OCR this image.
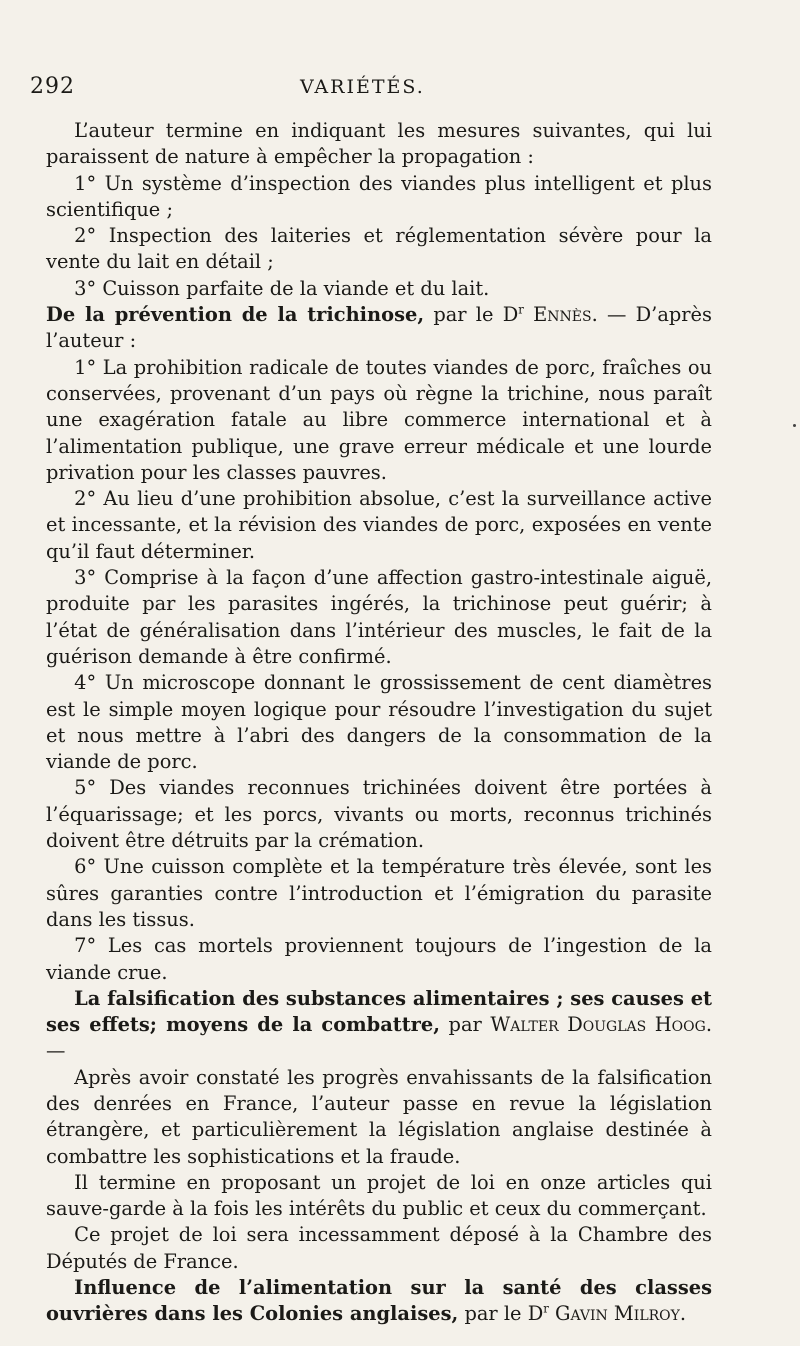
292	VARIÉTÉS.

L’auteur termine en indiquant les mesures suivantes, qui lui paraissent de nature à empêcher la propagation :

1° Un système d’inspection des viandes plus intelligent et plus scientifique ;

2° Inspection des laiteries et réglementation sévère pour la vente du lait en détail ;

3° Cuisson parfaite de la viande et du lait.

De la prévention de la trichinose, par le $D^r$ Ennès. — D’après l’auteur :

1° La prohibition radicale de toutes viandes de porc, fraîches ou conservées, provenant d’un pays où règne la trichine, nous paraît une exagération fatale au libre commerce international et à l’alimentation publique, une grave erreur médicale et une lourde privation pour les classes pauvres.

2° Au lieu d’une prohibition absolue, c’est la surveillance active et incessante, et la révision des viandes de porc, exposées en vente qu’il faut déterminer.

3° Comprise à la façon d’une affection gastro-intestinale aiguë, produite par les parasites ingérés, la trichinose peut guérir; à l’état de généralisation dans l’intérieur des muscles, le fait de la guérison demande à être confirmé.

4° Un microscope donnant le grossissement de cent diamètres est le simple moyen logique pour résoudre l’investigation du sujet et nous mettre à l’abri des dangers de la consommation de la viande de porc.

5° Des viandes reconnues trichinées doivent être portées à l’équarissage; et les porcs, vivants ou morts, reconnus trichinés doivent être détruits par la crémation.

6° Une cuisson complète et la température très élevée, sont les sûres garanties contre l’introduction et l’émigration du parasite dans les tissus.

7° Les cas mortels proviennent toujours de l’ingestion de la viande crue.

La falsification des substances alimentaires ; ses causes et ses effets; moyens de la combattre, par Walter Douglas Hoog. —

Après avoir constaté les progrès envahissants de la falsification des denrées en France, l’auteur passe en revue la législation étrangère, et particulièrement la législation anglaise destinée à combattre les sophistications et la fraude.

Il termine en proposant un projet de loi en onze articles qui sauve-garde à la fois les intérêts du public et ceux du commerçant.

Ce projet de loi sera incessamment déposé à la Chambre des Députés de France.

Influence de l’alimentation sur la santé des classes ouvrières dans les Colonies anglaises, par le $D^r$ Gavin Milroy.
